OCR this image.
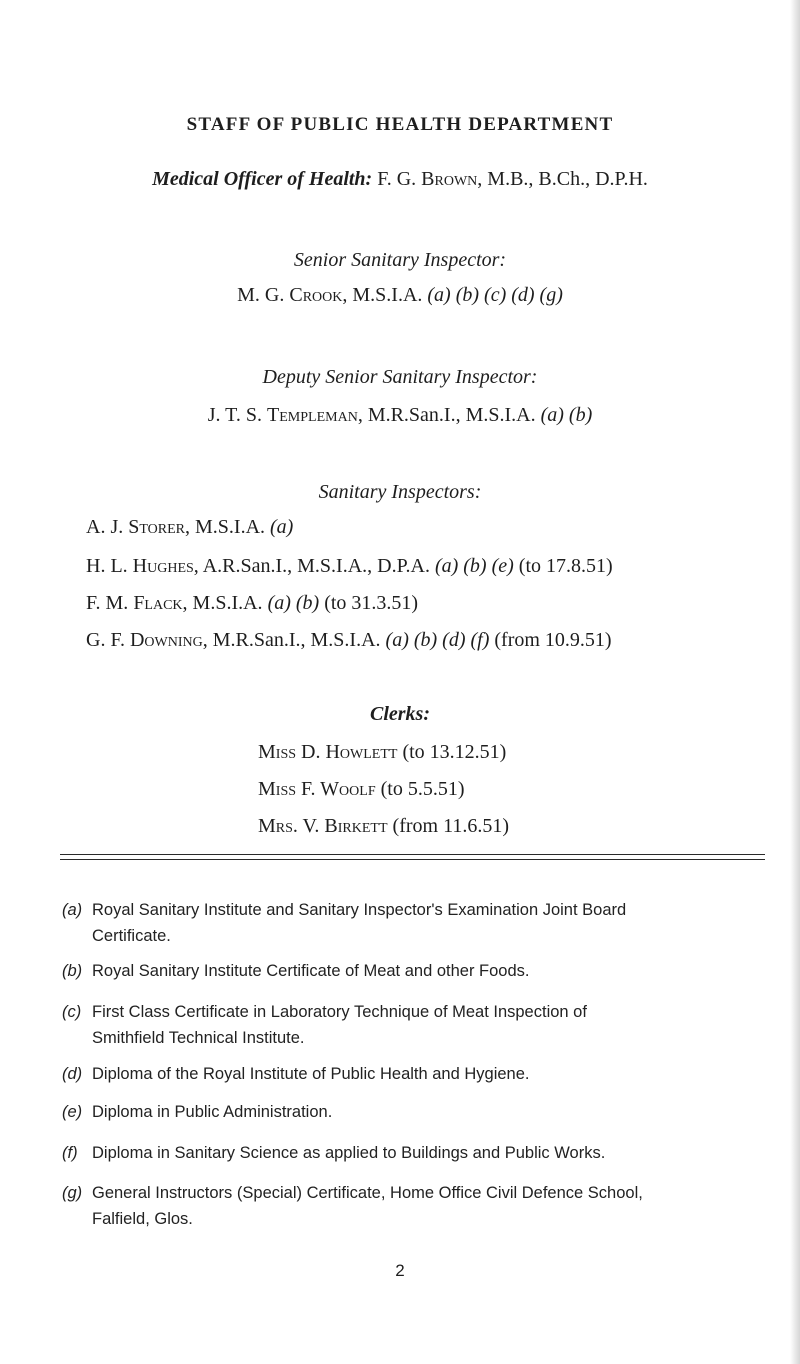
STAFF OF PUBLIC HEALTH DEPARTMENT
Medical Officer of Health: F. G. Brown, M.B., B.Ch., D.P.H.
Senior Sanitary Inspector:
M. G. Crook, M.S.I.A. (a) (b) (c) (d) (g)
Deputy Senior Sanitary Inspector:
J. T. S. Templeman, M.R.San.I., M.S.I.A. (a) (b)
Sanitary Inspectors:
A. J. Storer, M.S.I.A. (a)
H. L. Hughes, A.R.San.I., M.S.I.A., D.P.A. (a) (b) (e) (to 17.8.51)
F. M. Flack, M.S.I.A. (a) (b) (to 31.3.51)
G. F. Downing, M.R.San.I., M.S.I.A. (a) (b) (d) (f) (from 10.9.51)
Clerks:
Miss D. Howlett (to 13.12.51)
Miss F. Woolf (to 5.5.51)
Mrs. V. Birkett (from 11.6.51)
(a) Royal Sanitary Institute and Sanitary Inspector's Examination Joint Board
Certificate.
(b) Royal Sanitary Institute Certificate of Meat and other Foods.
(c) First Class Certificate in Laboratory Technique of Meat Inspection of
Smithfield Technical Institute.
(d) Diploma of the Royal Institute of Public Health and Hygiene.
(e) Diploma in Public Administration.
(f) Diploma in Sanitary Science as applied to Buildings and Public Works.
(g) General Instructors (Special) Certificate, Home Office Civil Defence School,
Falfield, Glos.
2
